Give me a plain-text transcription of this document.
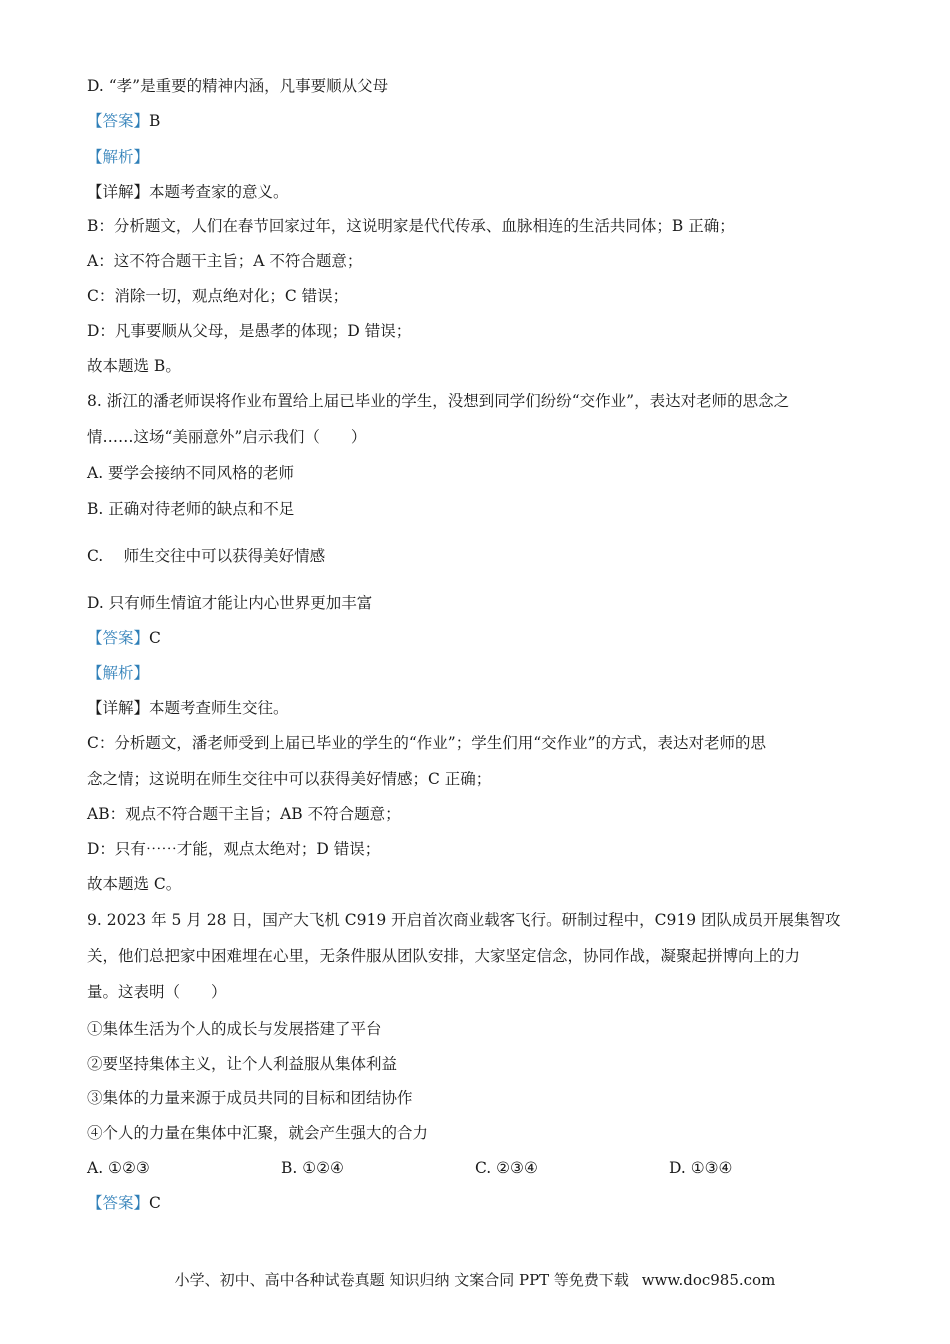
D. “孝”是重要的精神内涵，凡事要顺从父母
【答案】B
【解析】
【详解】本题考查家的意义。
B：分析题文，人们在春节回家过年，这说明家是代代传承、血脉相连的生活共同体；B 正确；
A：这不符合题干主旨；A 不符合题意；
C：消除一切，观点绝对化；C 错误；
D：凡事要顺从父母，是愚孝的体现；D 错误；
故本题选 B。
8. 浙江的潘老师误将作业布置给上届已毕业的学生，没想到同学们纷纷“交作业”，表达对老师的思念之
情……这场“美丽意外”启示我们（　　）
A. 要学会接纳不同风格的老师
B. 正确对待老师的缺点和不足
C.　 师生交往中可以获得美好情感
D. 只有师生情谊才能让内心世界更加丰富
【答案】C
【解析】
【详解】本题考查师生交往。
C：分析题文，潘老师受到上届已毕业的学生的“作业”；学生们用“交作业”的方式，表达对老师的思
念之情；这说明在师生交往中可以获得美好情感；C 正确；
AB：观点不符合题干主旨；AB 不符合题意；
D：只有⋯⋯才能，观点太绝对；D 错误；
故本题选 C。
9. 2023 年 5 月 28 日，国产大飞机 C919 开启首次商业载客飞行。研制过程中，C919 团队成员开展集智攻
关，他们总把家中困难埋在心里，无条件服从团队安排，大家坚定信念，协同作战，凝聚起拼博向上的力
量。这表明（　　）
①集体生活为个人的成长与发展搭建了平台
②要坚持集体主义，让个人利益服从集体利益
③集体的力量来源于成员共同的目标和团结协作
④个人的力量在集体中汇聚，就会产生强大的合力
A. ①②③	B. ①②④	C. ②③④	D. ①③④
【答案】C
小学、初中、高中各种试卷真题 知识归纳 文案合同 PPT 等免费下载 www.doc985.com
